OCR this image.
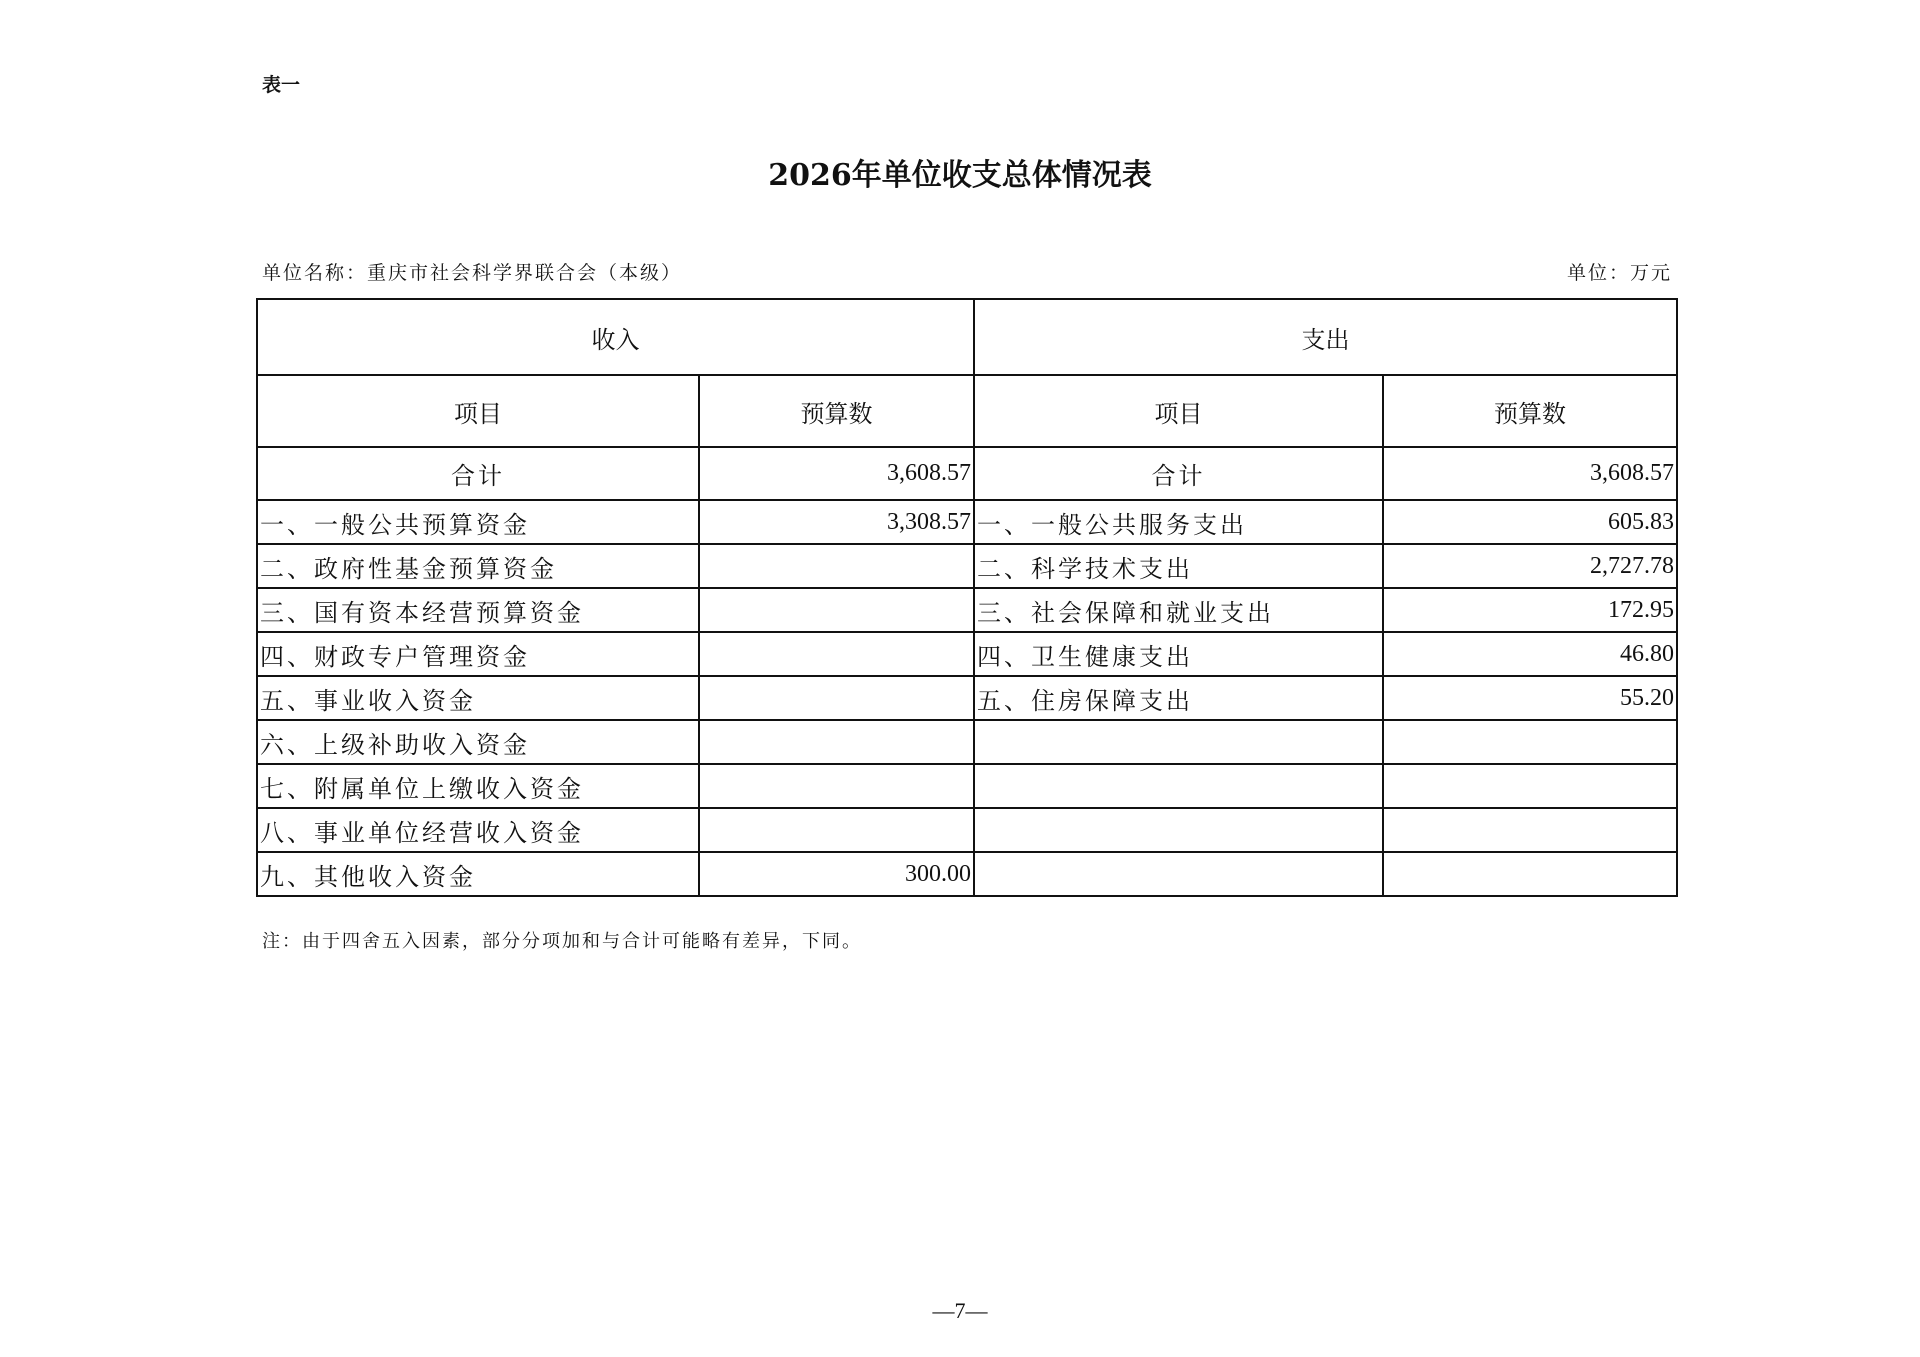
表一
2026年单位收支总体情况表
单位名称：重庆市社会科学界联合会（本级）	单位：万元
收入		支出	
项目	预算数	项目	预算数
合计	3,608.57	合计	3,608.57
一、一般公共预算资金	3,308.57	一、一般公共服务支出	605.83
二、政府性基金预算资金		二、科学技术支出	2,727.78
三、国有资本经营预算资金		三、社会保障和就业支出	172.95
四、财政专户管理资金		四、卫生健康支出	46.80
五、事业收入资金		五、住房保障支出	55.20
六、上级补助收入资金			
七、附属单位上缴收入资金			
八、事业单位经营收入资金			
九、其他收入资金	300.00		
注：由于四舍五入因素，部分分项加和与合计可能略有差异，下同。
—7—
